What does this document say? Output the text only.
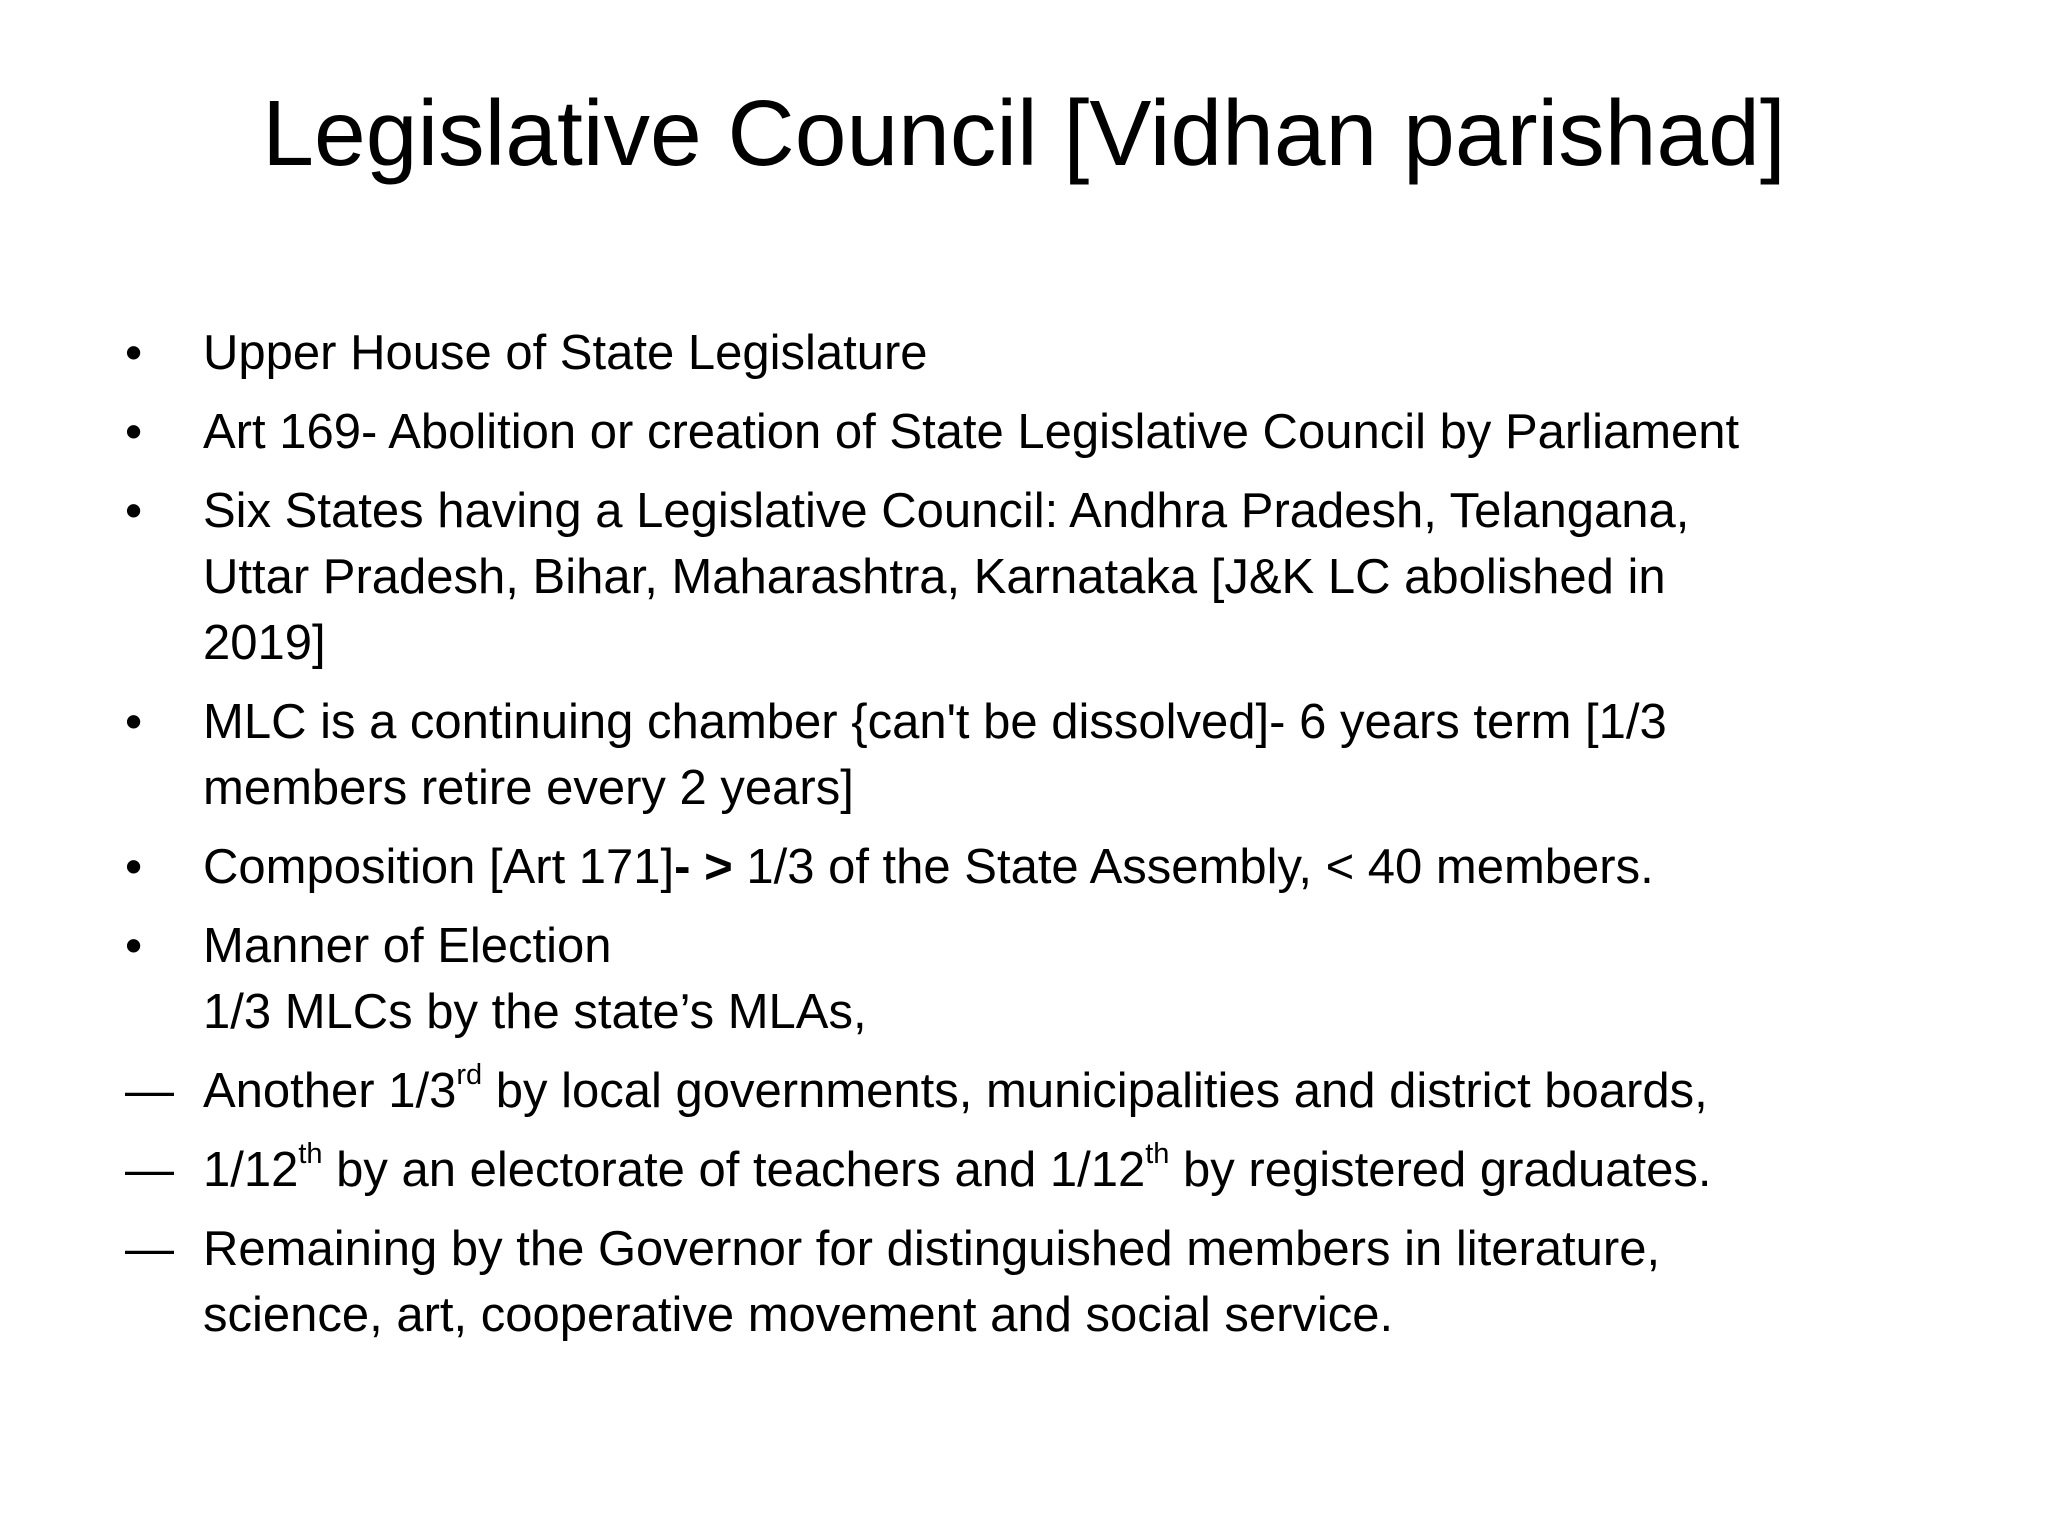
Legislative Council [Vidhan parishad]
•	Upper House of State Legislature
•	Art 169- Abolition or creation of State Legislative Council by Parliament
•	Six States having a Legislative Council: Andhra Pradesh, Telangana,
Uttar Pradesh, Bihar, Maharashtra, Karnataka [J&K LC abolished in
2019]
•	MLC is a continuing chamber {can't be dissolved]- 6 years term [1/3
members retire every 2 years]
•	Composition [Art 171]- > 1/3 of the State Assembly, < 40 members.
•	Manner of Election
1/3 MLCs by the state’s MLAs,
— Another 1/3rd by local governments, municipalities and district boards,
— 1/12th by an electorate of teachers and 1/12th by registered graduates.
— Remaining by the Governor for distinguished members in literature,
science, art, cooperative movement and social service.
